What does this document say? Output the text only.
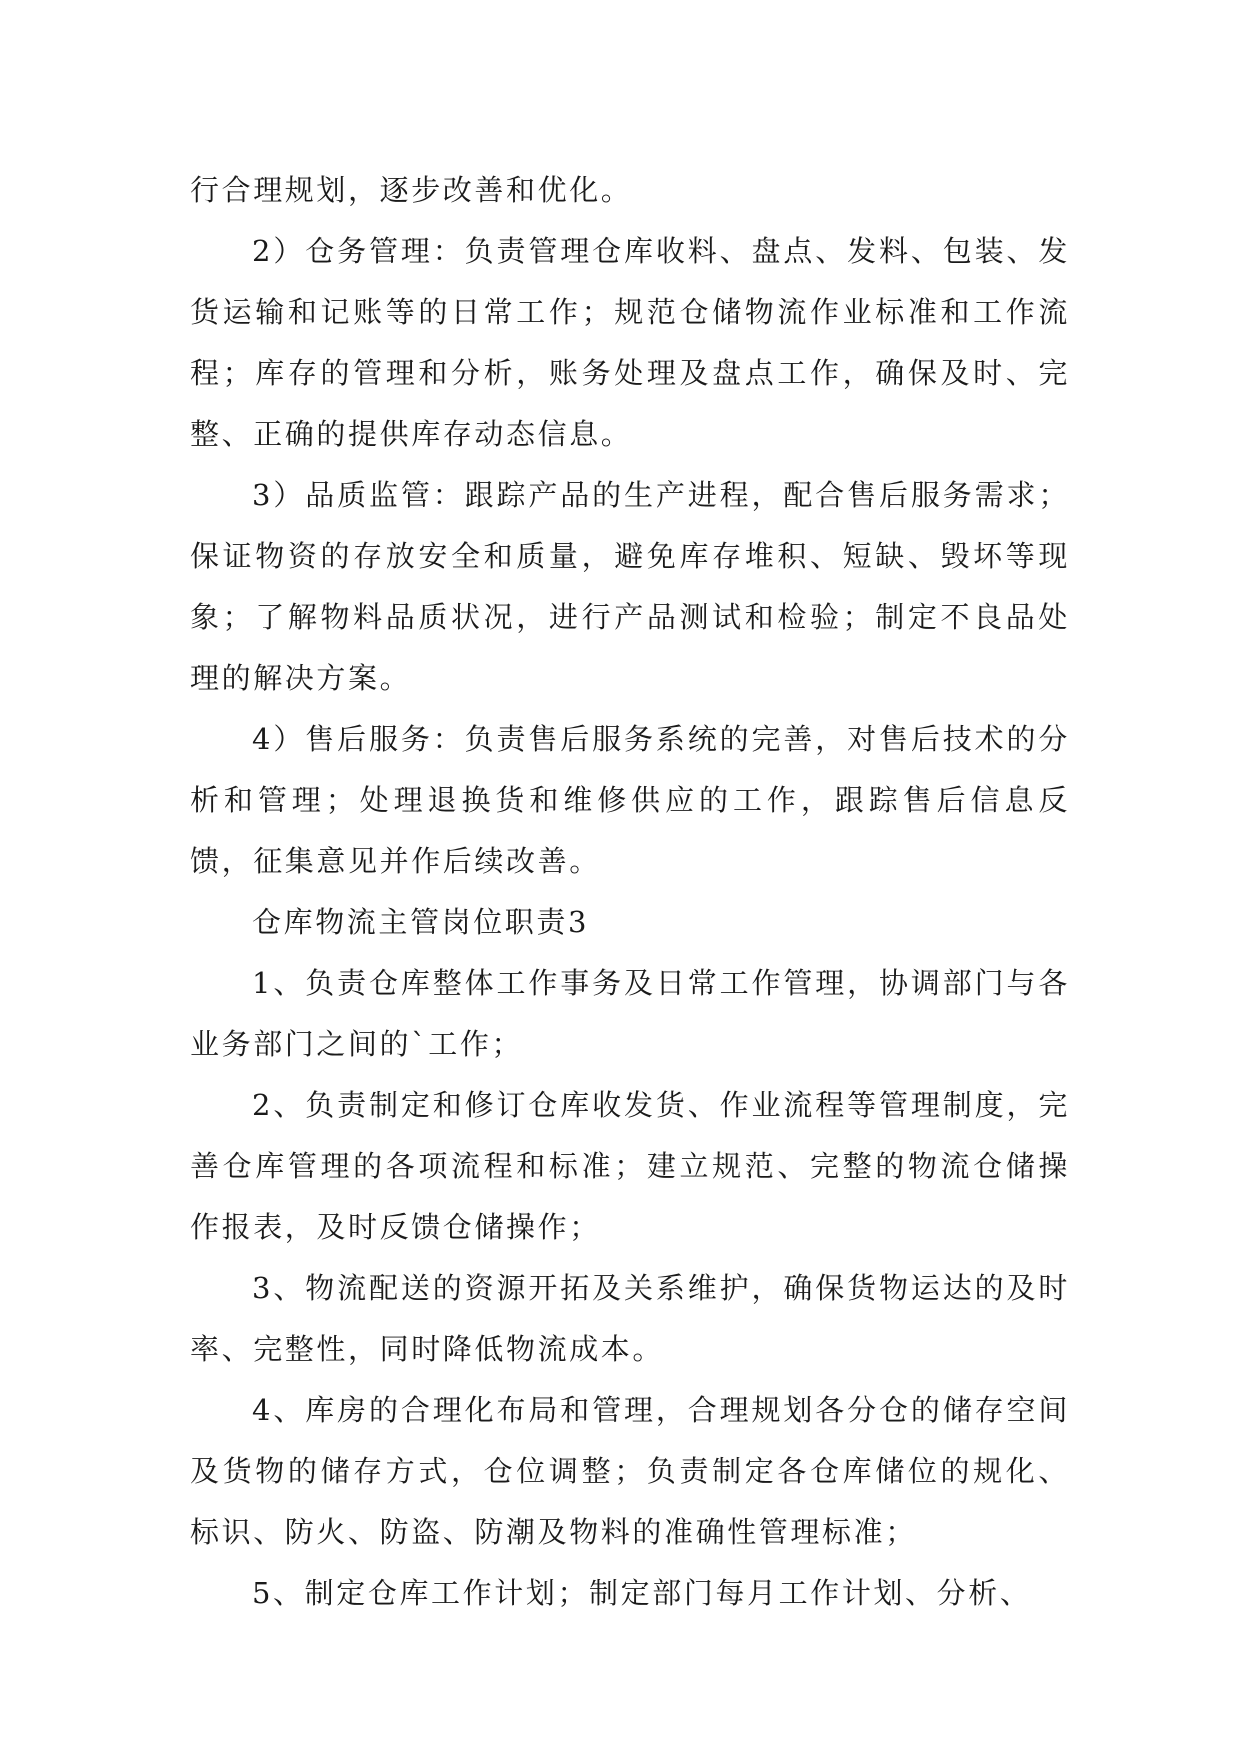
行合理规划，逐步改善和优化。

2）仓务管理：负责管理仓库收料、盘点、发料、包装、发货运输和记账等的日常工作；规范仓储物流作业标准和工作流程；库存的管理和分析，账务处理及盘点工作，确保及时、完整、正确的提供库存动态信息。

3）品质监管：跟踪产品的生产进程，配合售后服务需求；保证物资的存放安全和质量，避免库存堆积、短缺、毁坏等现象；了解物料品质状况，进行产品测试和检验；制定不良品处理的解决方案。

4）售后服务：负责售后服务系统的完善，对售后技术的分析和管理；处理退换货和维修供应的工作，跟踪售后信息反馈，征集意见并作后续改善。

仓库物流主管岗位职责3

1、负责仓库整体工作事务及日常工作管理，协调部门与各业务部门之间的`工作；

2、负责制定和修订仓库收发货、作业流程等管理制度，完善仓库管理的各项流程和标准；建立规范、完整的物流仓储操作报表，及时反馈仓储操作；

3、物流配送的资源开拓及关系维护，确保货物运达的及时率、完整性，同时降低物流成本。

4、库房的合理化布局和管理，合理规划各分仓的储存空间及货物的储存方式，仓位调整；负责制定各仓库储位的规化、标识、防火、防盗、防潮及物料的准确性管理标准；

5、制定仓库工作计划；制定部门每月工作计划、分析、
